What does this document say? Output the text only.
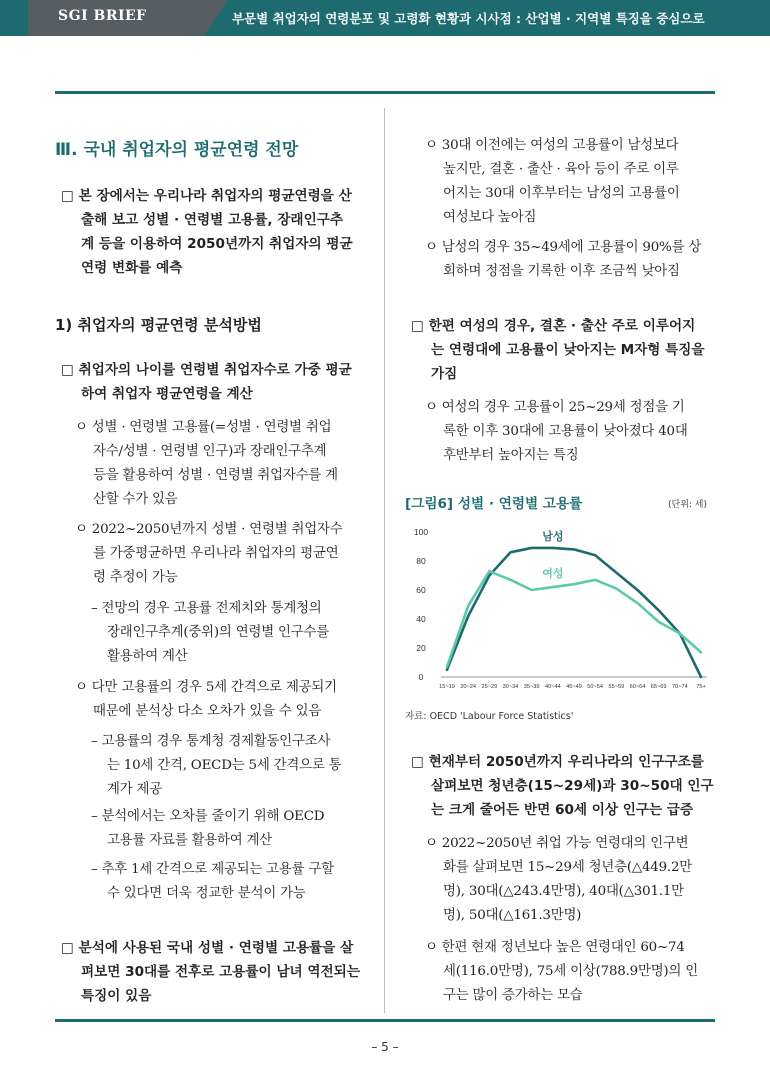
SGI BRIEF	부문별 취업자의 연령분포 및 고령화 현황과 시사점 : 산업별 · 지역별 특징을 중심으로
Ⅲ. 국내 취업자의 평균연령 전망
□ 본 장에서는 우리나라 취업자의 평균연령을 산
출해 보고 성별 · 연령별 고용률, 장래인구추
계 등을 이용하여 2050년까지 취업자의 평균
연령 변화를 예측
1) 취업자의 평균연령 분석방법
□ 취업자의 나이를 연령별 취업자수로 가중 평균
하여 취업자 평균연령을 계산
ㅇ 성별 · 연령별 고용률(=성별 · 연령별 취업
자수/성별 · 연령별 인구)과 장래인구추계
등을 활용하여 성별 · 연령별 취업자수를 계
산할 수가 있음
ㅇ 2022~2050년까지 성별 · 연령별 취업자수
를 가중평균하면 우리나라 취업자의 평균연
령 추정이 가능
– 전망의 경우 고용률 전제치와 통계청의
장래인구추계(중위)의 연령별 인구수를
활용하여 계산
ㅇ 다만 고용률의 경우 5세 간격으로 제공되기
때문에 분석상 다소 오차가 있을 수 있음
– 고용률의 경우 통계청 경제활동인구조사
는 10세 간격, OECD는 5세 간격으로 통
계가 제공
– 분석에서는 오차를 줄이기 위해 OECD
고용률 자료를 활용하여 계산
– 추후 1세 간격으로 제공되는 고용률 구할
수 있다면 더욱 정교한 분석이 가능
□ 분석에 사용된 국내 성별 · 연령별 고용률을 살
펴보면 30대를 전후로 고용률이 남녀 역전되는
특징이 있음
ㅇ 30대 이전에는 여성의 고용률이 남성보다
높지만, 결혼 · 출산 · 육아 등이 주로 이루
어지는 30대 이후부터는 남성의 고용률이
여성보다 높아짐
ㅇ 남성의 경우 35~49세에 고용률이 90%를 상
회하며 정점을 기록한 이후 조금씩 낮아짐
□ 한편 여성의 경우, 결혼 · 출산 주로 이루어지
는 연령대에 고용률이 낮아지는 M자형 특징을
가짐
ㅇ 여성의 경우 고용률이 25~29세 정점을 기
록한 이후 30대에 고용률이 낮아졌다 40대
후반부터 높아지는 특징
□ 현재부터 2050년까지 우리나라의 인구구조를
살펴보면 청년층(15~29세)과 30~50대 인구
는 크게 줄어든 반면 60세 이상 인구는 급증
ㅇ 2022~2050년 취업 가능 연령대의 인구변
화를 살펴보면 15~29세 청년층(△449.2만
명), 30대(△243.4만명), 40대(△301.1만
명), 50대(△161.3만명)
ㅇ 한편 현재 정년보다 높은 연령대인 60~74
세(116.0만명), 75세 이상(788.9만명)의 인
구는 많이 증가하는 모습
[그림6] 성별 · 연령별 고용률	(단위: 세)
0
20
40
60
80
100
15~19 20~24 25~29 30~34 35~39 40~44 45~49 50~54 55~59 60~64 65~69 70~74 75+
남성
여성
자료: OECD 'Labour Force Statistics'
– 5 –
